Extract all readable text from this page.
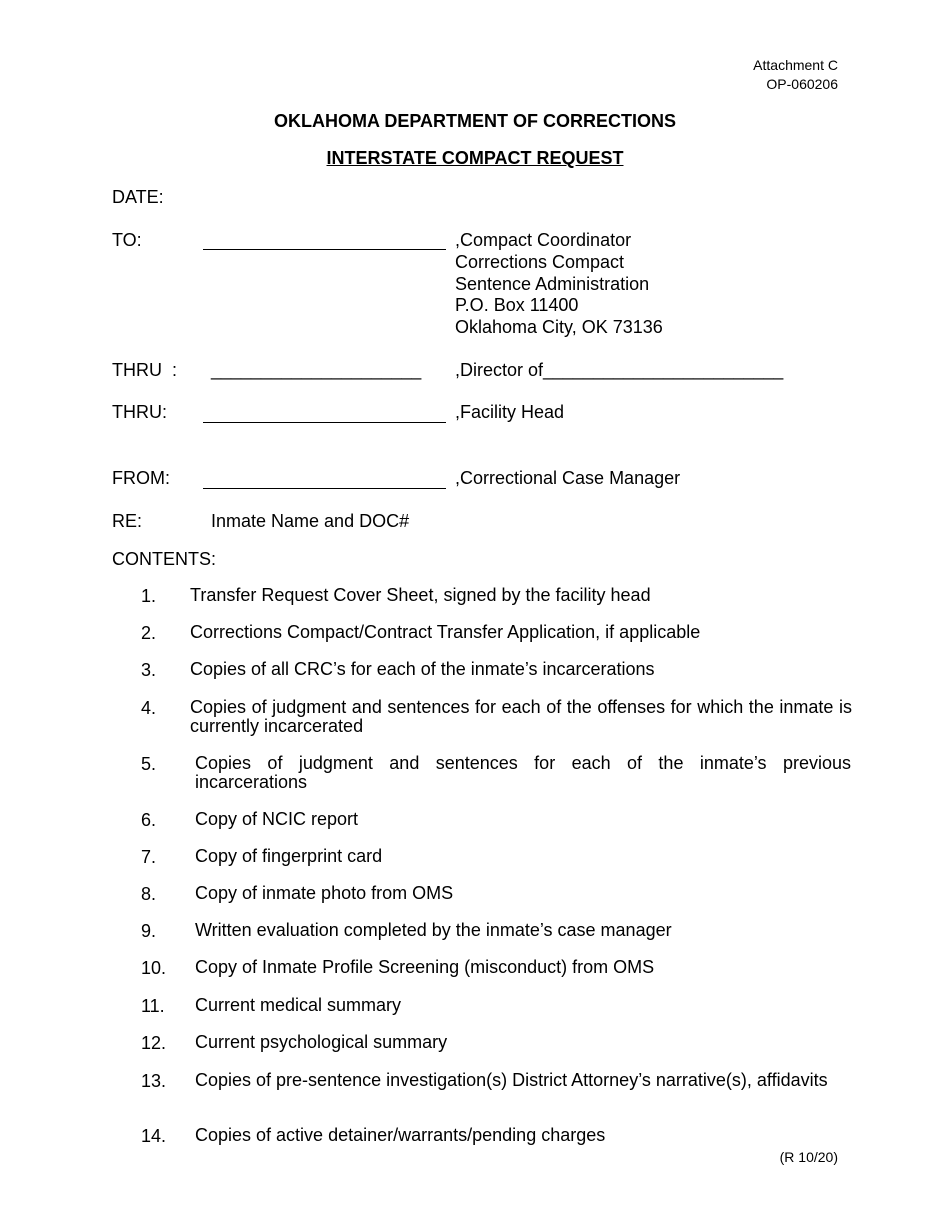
Attachment C
OP-060206
OKLAHOMA DEPARTMENT OF CORRECTIONS
INTERSTATE COMPACT REQUEST
DATE:
TO:	,Compact Coordinator
Corrections Compact
Sentence Administration
P.O. Box 11400
Oklahoma City, OK 73136
THRU  : _____________________ ,Director of________________________
THRU:	,Facility Head
FROM:	,Correctional Case Manager
RE:	Inmate Name and DOC#
CONTENTS:
1. Transfer Request Cover Sheet, signed by the facility head
2. Corrections Compact/Contract Transfer Application, if applicable
3. Copies of all CRC’s for each of the inmate’s incarcerations
4. Copies of judgment and sentences for each of the offenses for which the inmate is currently incarcerated
5. Copies of judgment and sentences for each of the inmate’s previous incarcerations
6. Copy of NCIC report
7. Copy of fingerprint card
8. Copy of inmate photo from OMS
9. Written evaluation completed by the inmate’s case manager
10. Copy of Inmate Profile Screening (misconduct) from OMS
11. Current medical summary
12. Current psychological summary
13. Copies of pre-sentence investigation(s) District Attorney’s narrative(s), affidavits
14. Copies of active detainer/warrants/pending charges
(R 10/20)
